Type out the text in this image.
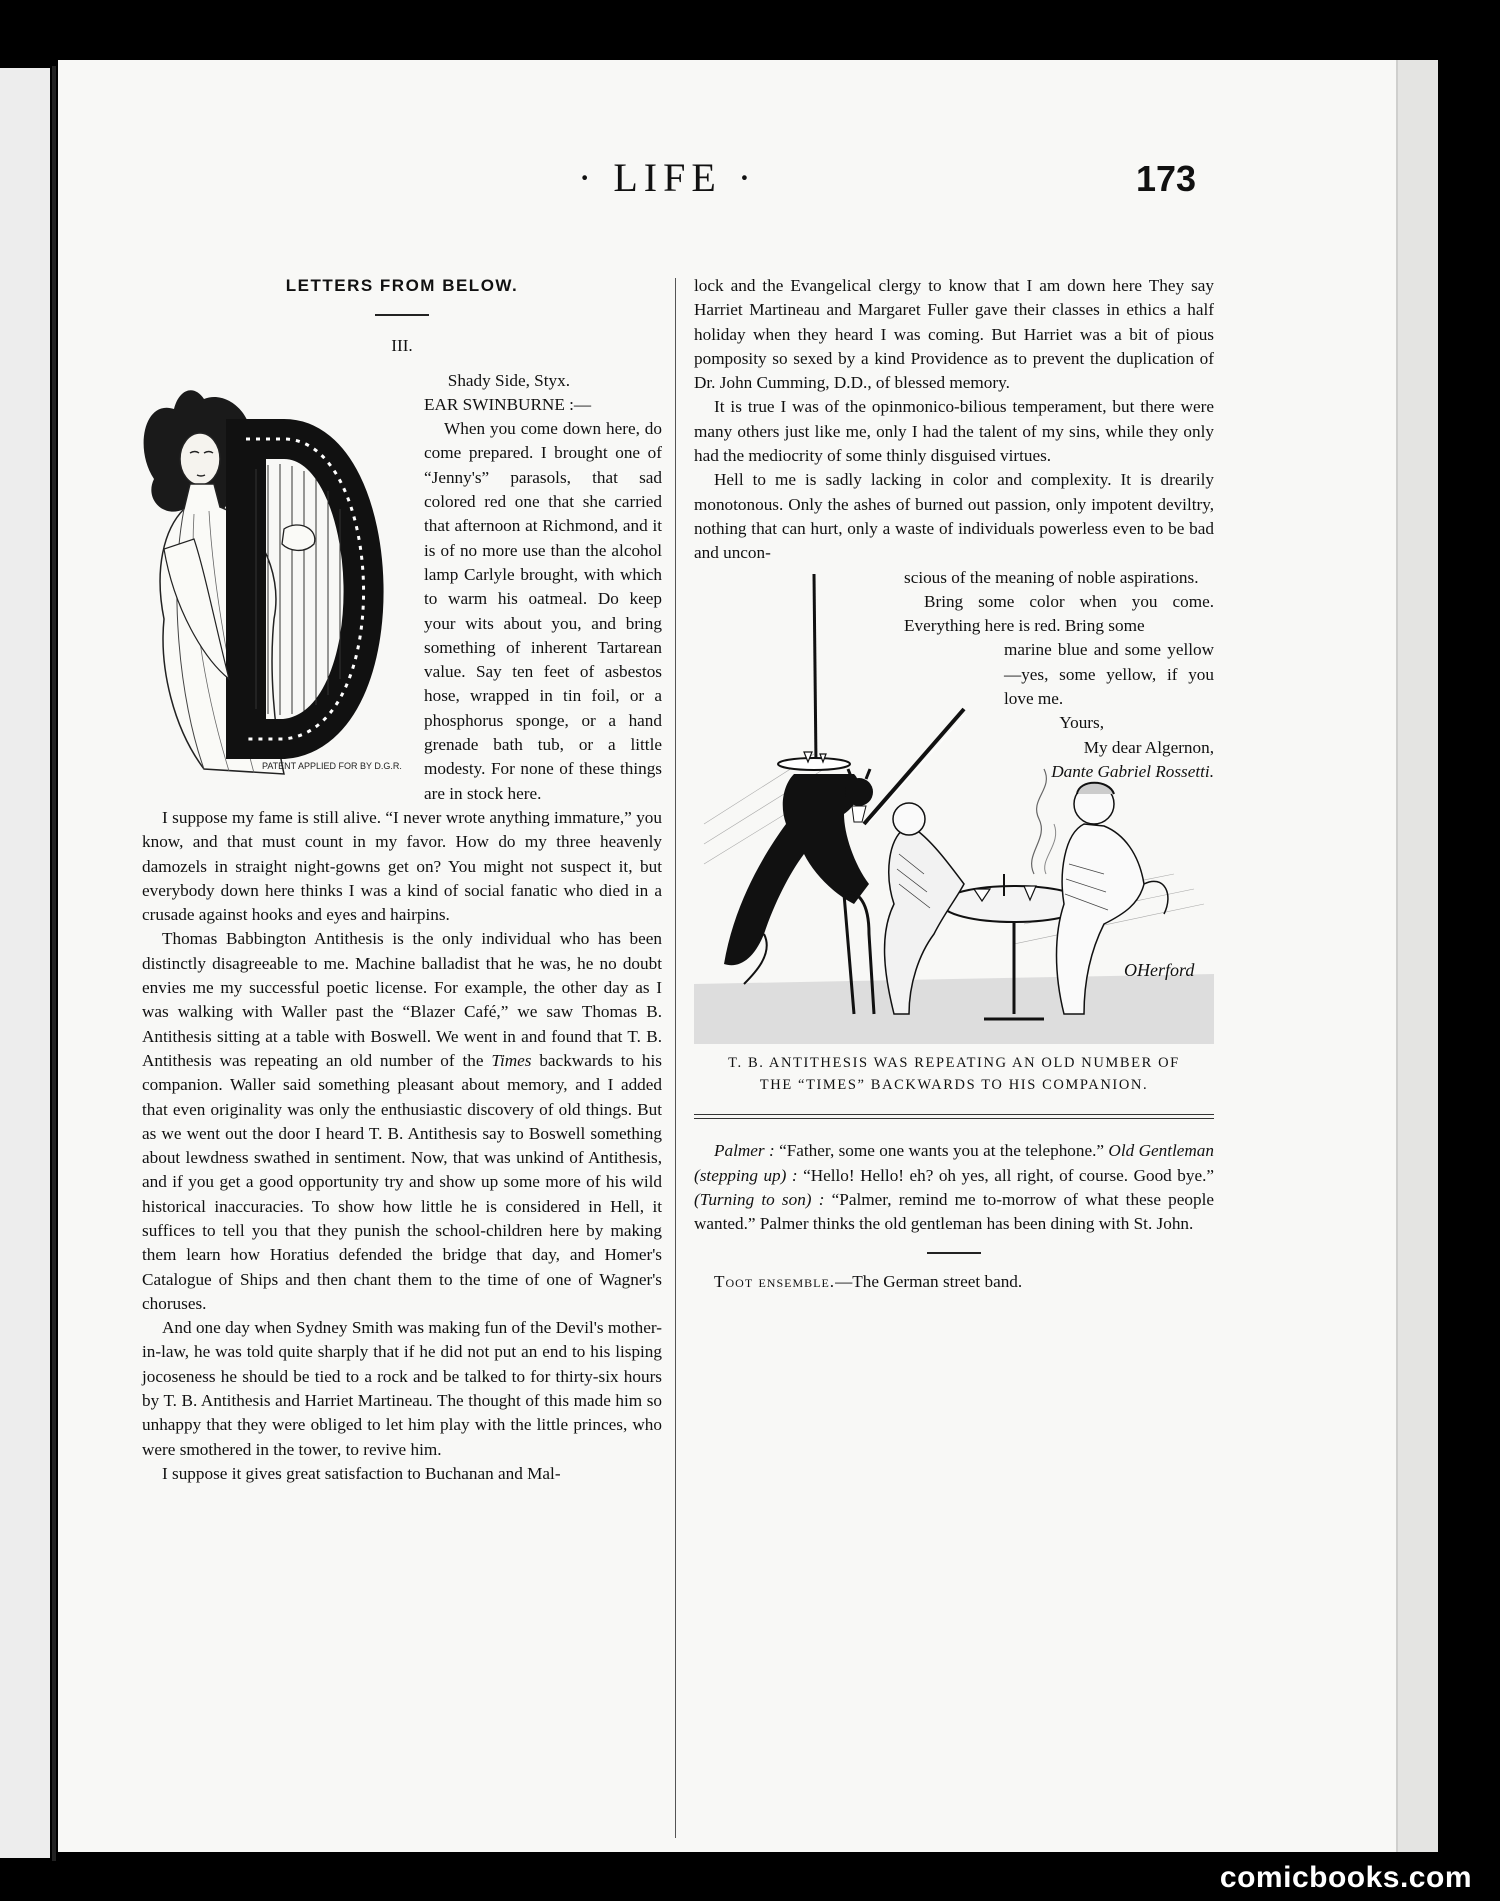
· LIFE ·	173
LETTERS FROM BELOW.
III.
PATENT APPLIED FOR BY D.G.R.
Shady Side, Styx.

EAR SWINBURNE :—

When you come down here, do come prepared. I brought one of “Jenny's” parasols, that sad colored red one that she carried that afternoon at Richmond, and it is of no more use than the alcohol lamp Carlyle brought, with which to warm his oatmeal. Do keep your wits about you, and bring something of inherent Tartarean value. Say ten feet of asbestos hose, wrapped in tin foil, or a phosphorus sponge, or a hand grenade bath tub, or a little modesty. For none of these things are in stock here.

I suppose my fame is still alive. “I never wrote anything immature,” you know, and that must count in my favor. How do my three heavenly damozels in straight night-gowns get on? You might not suspect it, but everybody down here thinks I was a kind of social fanatic who died in a crusade against hooks and eyes and hairpins.

Thomas Babbington Antithesis is the only individual who has been distinctly disagreeable to me. Machine balladist that he was, he no doubt envies me my successful poetic license. For example, the other day as I was walking with Waller past the “Blazer Café,” we saw Thomas B. Antithesis sitting at a table with Boswell. We went in and found that T. B. Antithesis was repeating an old number of the Times backwards to his companion. Waller said something pleasant about memory, and I added that even originality was only the enthusiastic discovery of old things. But as we went out the door I heard T. B. Antithesis say to Boswell something about lewdness swathed in sentiment. Now, that was unkind of Antithesis, and if you get a good opportunity try and show up some more of his wild historical inaccuracies. To show how little he is considered in Hell, it suffices to tell you that they punish the school-children here by making them learn how Horatius defended the bridge that day, and Homer's Catalogue of Ships and then chant them to the time of one of Wagner's choruses.

And one day when Sydney Smith was making fun of the Devil's mother-in-law, he was told quite sharply that if he did not put an end to his lisping jocoseness he should be tied to a rock and be talked to for thirty-six hours by T. B. Antithesis and Harriet Martineau. The thought of this made him so unhappy that they were obliged to let him play with the little princes, who were smothered in the tower, to revive him.

I suppose it gives great satisfaction to Buchanan and Mal-

lock and the Evangelical clergy to know that I am down here They say Harriet Martineau and Margaret Fuller gave their classes in ethics a half holiday when they heard I was coming. But Harriet was a bit of pious pomposity so sexed by a kind Providence as to prevent the duplication of Dr. John Cumming, D.D., of blessed memory.

It is true I was of the opinmonico-bilious temperament, but there were many others just like me, only I had the talent of my sins, while they only had the mediocrity of some thinly disguised virtues.

Hell to me is sadly lacking in color and complexity. It is drearily monotonous. Only the ashes of burned out passion, only impotent deviltry, nothing that can hurt, only a waste of individuals powerless even to be bad and uncon-

scious of the meaning of noble aspirations.

Bring some color when you come. Everything here is red. Bring some

marine blue and some yellow—yes, some yellow, if you love me.
Yours,
My dear Algernon,
Dante Gabriel Rossetti.
OHerford
T. B. ANTITHESIS WAS REPEATING AN OLD NUMBER OF
THE “TIMES” BACKWARDS TO HIS COMPANION.

Palmer : “Father, some one wants you at the telephone.” Old Gentleman (stepping up) : “Hello! Hello! eh? oh yes, all right, of course. Good bye.” (Turning to son) : “Palmer, remind me to-morrow of what these people wanted.” Palmer thinks the old gentleman has been dining with St. John.

Toot ensemble.—The German street band.

comicbooks.com
